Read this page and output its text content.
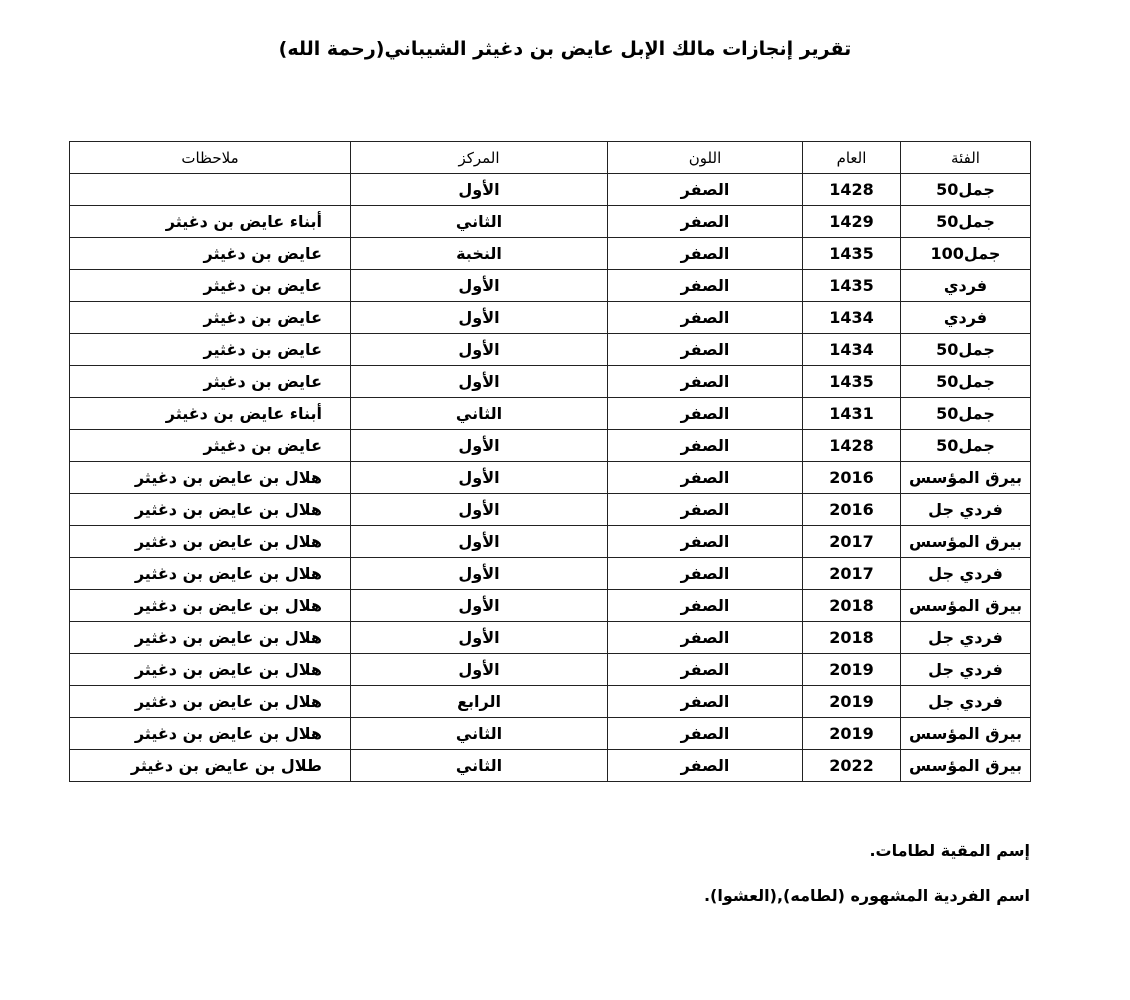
تقرير إنجازات مالك الإبل عايض بن دغيثر الشيباني(رحمة الله)
الفئة	العام	اللون	المركز	ملاحظات
جمل50	1428	الصفر	الأول	
جمل50	1429	الصفر	الثاني	أبناء عايض بن دغيثر
جمل100	1435	الصفر	النخبة	عايض بن دغيثر
فردي	1435	الصفر	الأول	عايض بن دغيثر
فردي	1434	الصفر	الأول	عايض بن دغيثر
جمل50	1434	الصفر	الأول	عايض بن دغثير
جمل50	1435	الصفر	الأول	عايض بن دغيثر
جمل50	1431	الصفر	الثاني	أبناء عايض بن دغيثر
جمل50	1428	الصفر	الأول	عايض بن دغيثر
بيرق المؤسس	2016	الصفر	الأول	هلال بن عايض بن دغيثر
فردي جل	2016	الصفر	الأول	هلال بن عايض بن دغثير
بيرق المؤسس	2017	الصفر	الأول	هلال بن عايض بن دغثير
فردي جل	2017	الصفر	الأول	هلال بن عايض بن دغثير
بيرق المؤسس	2018	الصفر	الأول	هلال بن عايض بن دغثير
فردي جل	2018	الصفر	الأول	هلال بن عايض بن دغثير
فردي جل	2019	الصفر	الأول	هلال بن عايض بن دغيثر
فردي جل	2019	الصفر	الرابع	هلال بن عايض بن دغثير
بيرق المؤسس	2019	الصفر	الثاني	هلال بن عايض بن دغيثر
بيرق المؤسس	2022	الصفر	الثاني	طلال بن عايض بن دغيثر
إسم المقية لطامات.
اسم الفردية المشهوره (لطامه),(العشوا).
